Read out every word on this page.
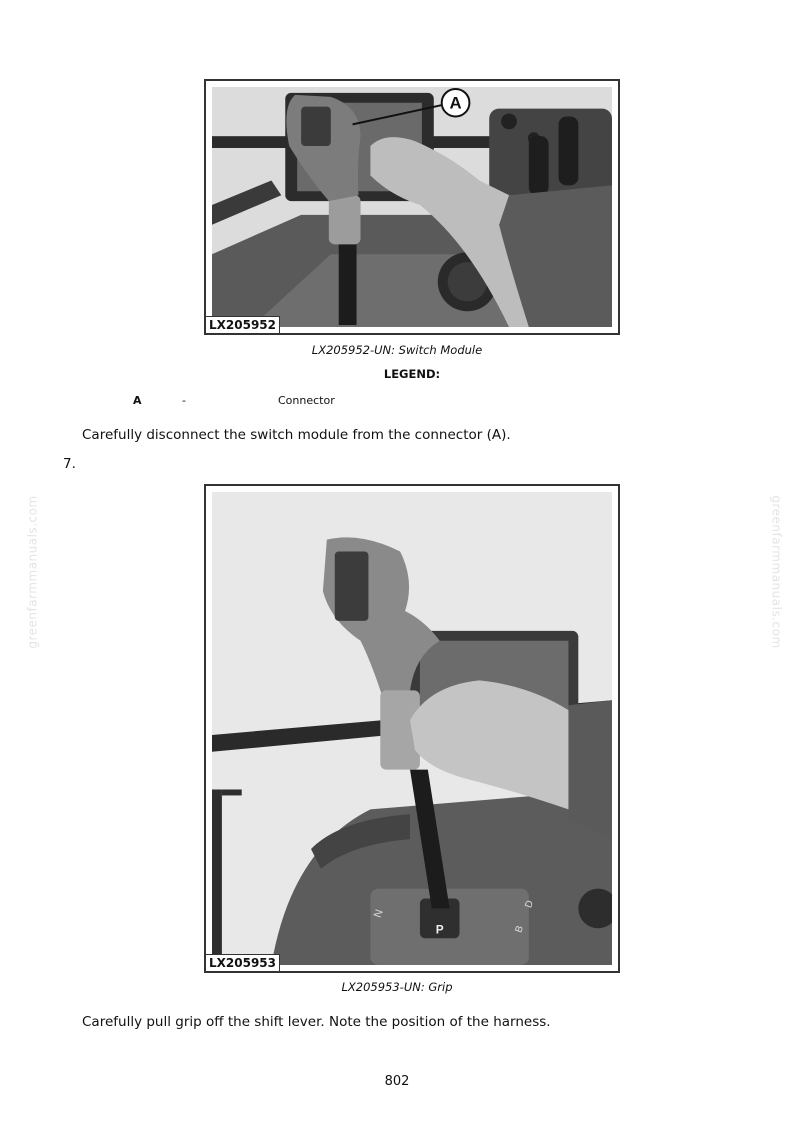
A
LX205952
LX205952-UN: Switch Module
LEGEND:
A	-	Connector
Carefully disconnect the switch module from the connector (A).
7.
N
P	B
D
LX205953
LX205953-UN: Grip
Carefully pull grip off the shift lever. Note the position of the harness.
greenfarmmanuals.com	greenfarmmanuals.com
802
